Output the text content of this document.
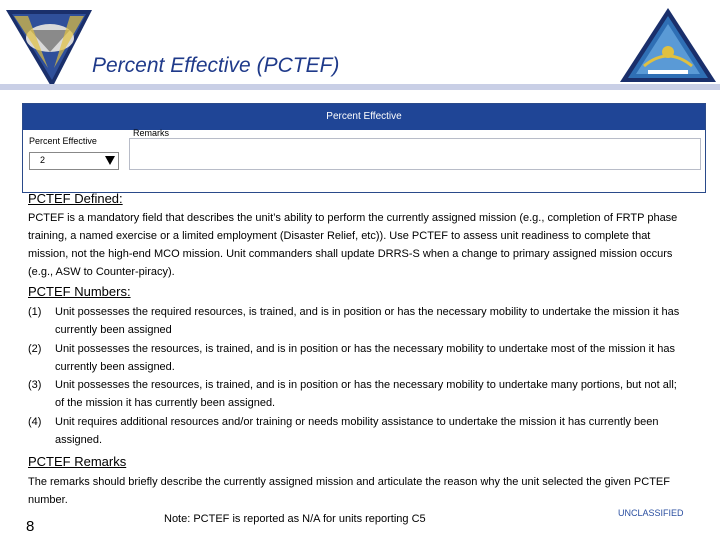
Percent Effective (PCTEF)
Percent Effective
Percent Effective
Remarks
2
PCTEF Defined:
PCTEF is a mandatory field that describes the unit’s ability to perform the currently assigned mission (e.g., completion of FRTP phase training, a named exercise or a limited employment (Disaster Relief, etc)). Use PCTEF to assess unit readiness to complete that mission, not the high-end MCO mission. Unit commanders shall update DRRS-S when a change to primary assigned mission occurs (e.g., ASW to Counter-piracy).
PCTEF Numbers:
(1) Unit possesses the required resources, is trained, and is in position or has the necessary mobility to undertake the mission it has currently been assigned
(2) Unit possesses the resources, is trained, and is in position or has the necessary mobility to undertake most of the mission it has currently been assigned.
(3) Unit possesses the resources, is trained, and is in position or has the necessary mobility to undertake many portions, but not all; of the mission it has currently been assigned.
(4) Unit requires additional resources and/or training or needs mobility assistance to undertake the mission it has currently been assigned.
PCTEF Remarks
The remarks should briefly describe the currently assigned mission and articulate the reason why the unit selected the given PCTEF number.
Note: PCTEF is reported as N/A for units reporting C5
8
UNCLASSIFIED
